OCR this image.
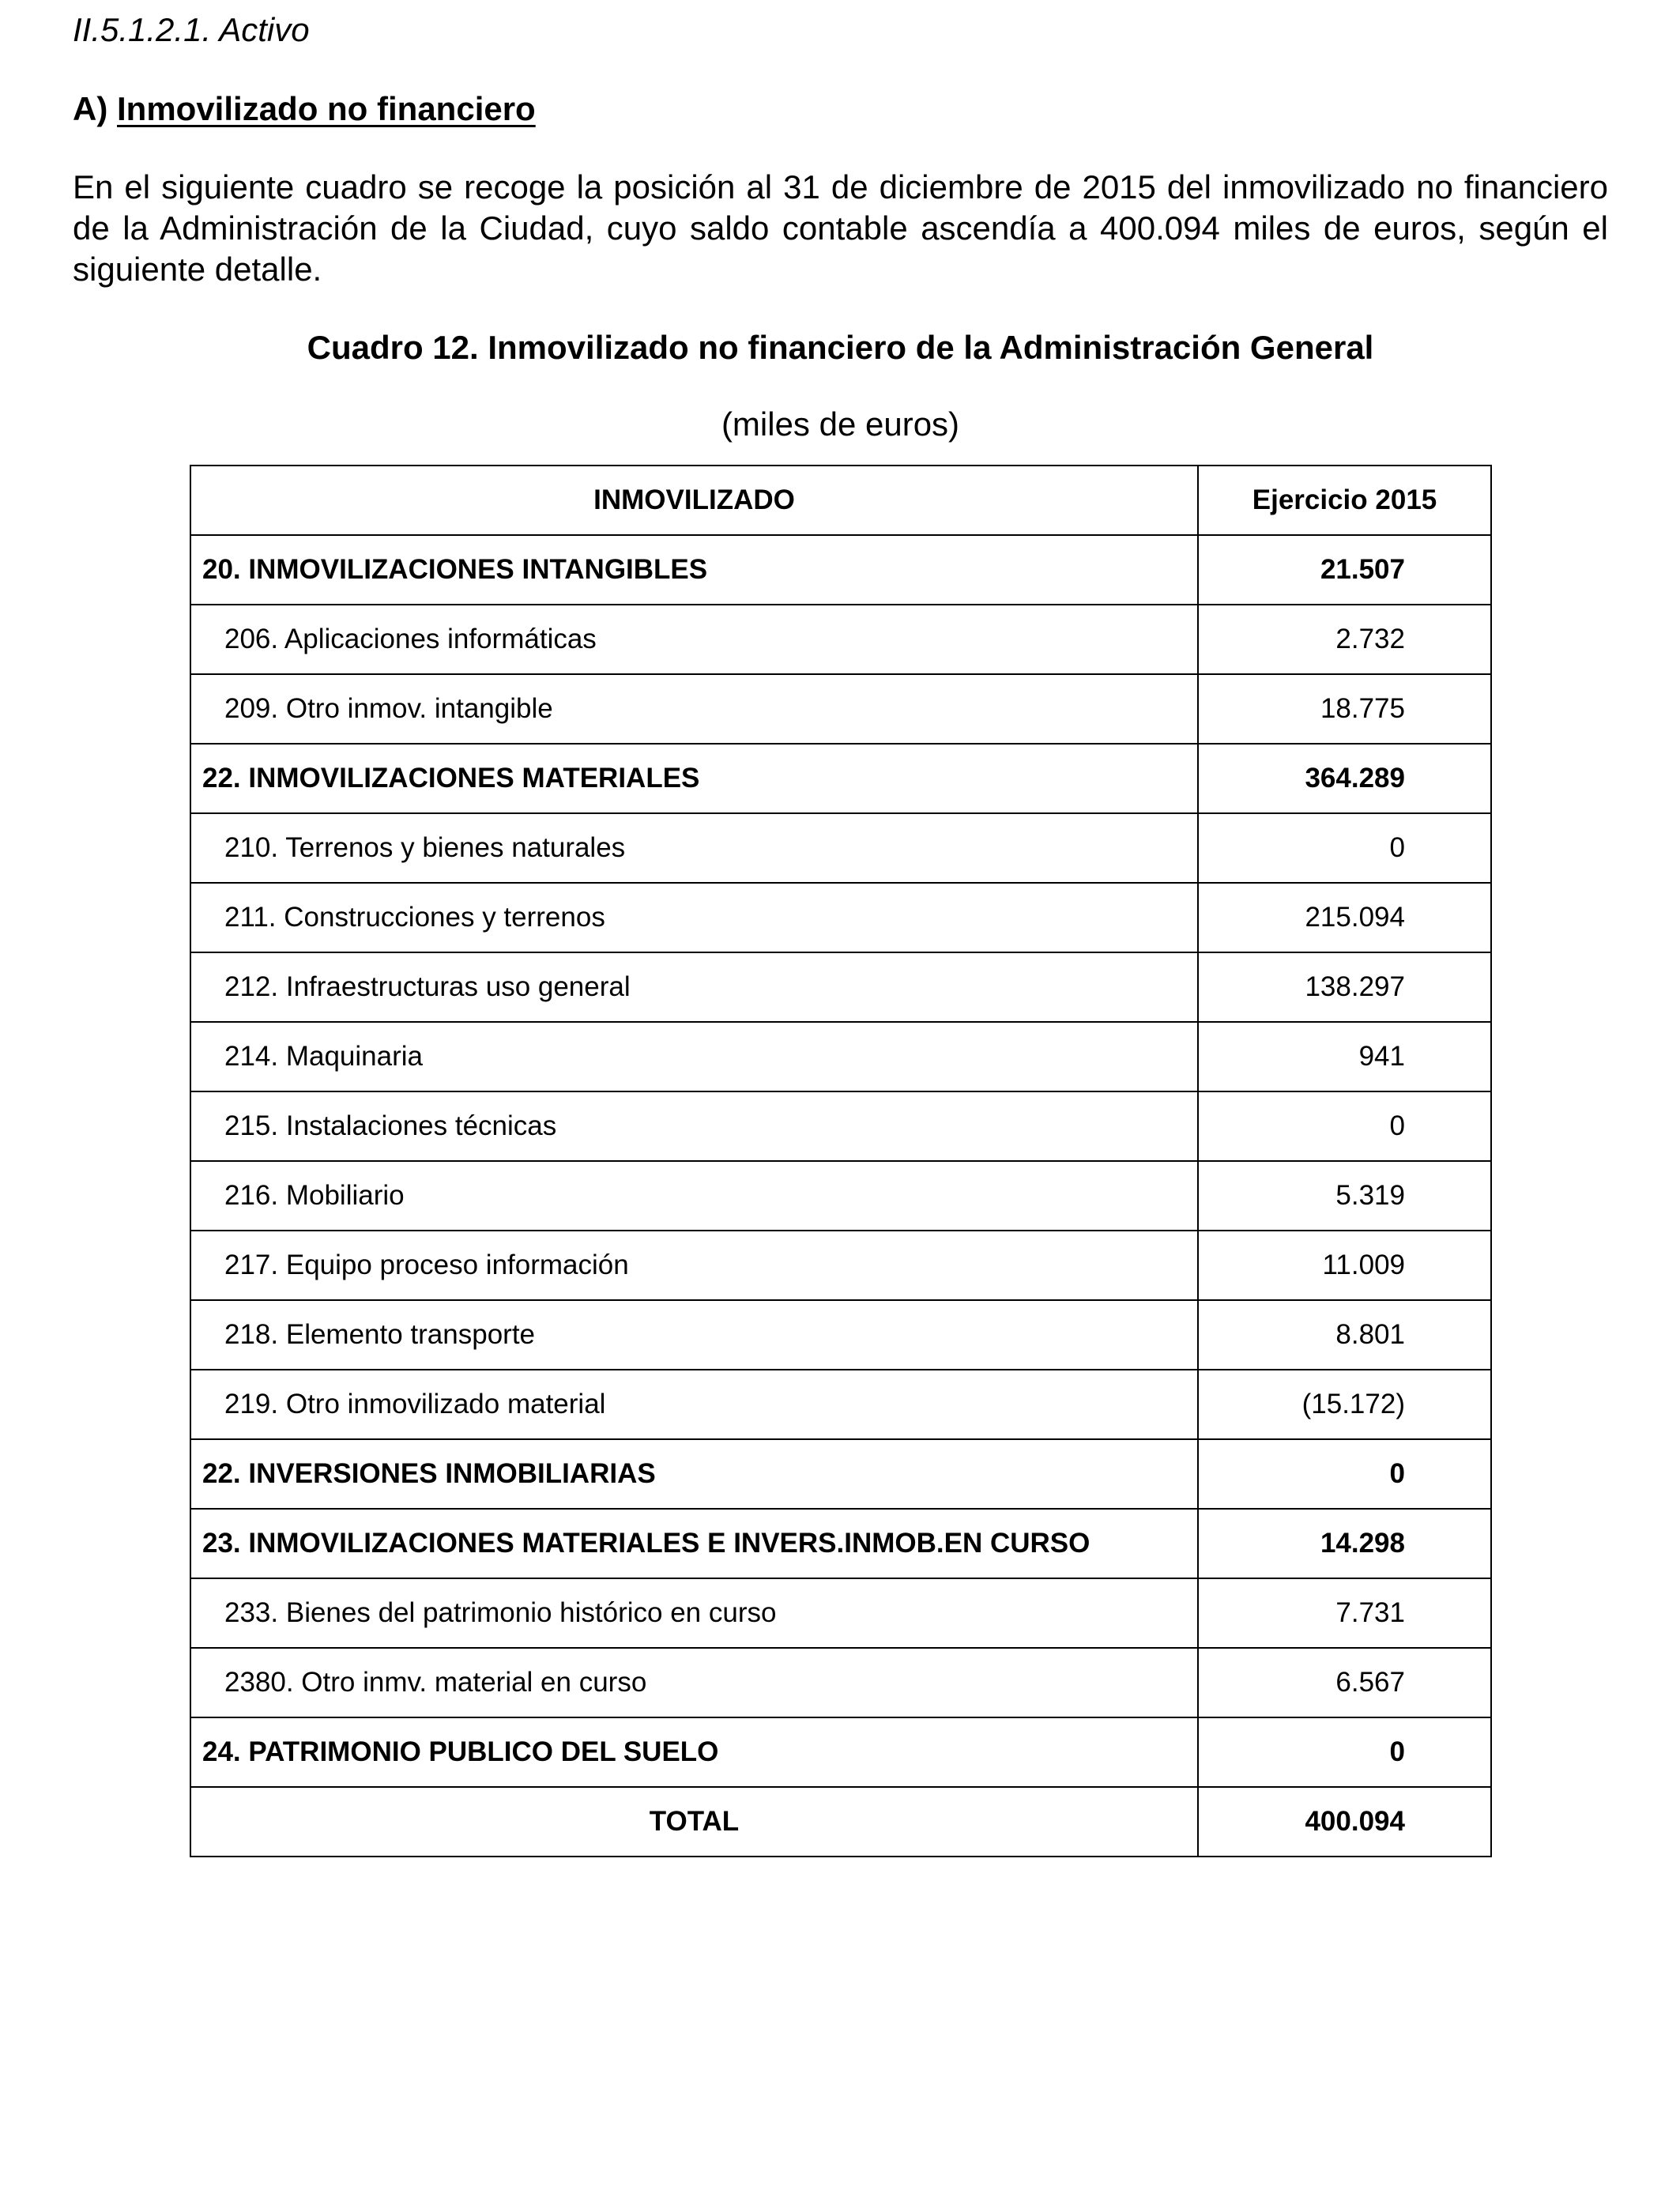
II.5.1.2.1. Activo
A) Inmovilizado no financiero

En el siguiente cuadro se recoge la posición al 31 de diciembre de 2015 del inmovilizado no financiero de la Administración de la Ciudad, cuyo saldo contable ascendía a 400.094 miles de euros, según el siguiente detalle.

Cuadro 12. Inmovilizado no financiero de la Administración General
(miles de euros)
INMOVILIZADO	Ejercicio 2015
20. INMOVILIZACIONES INTANGIBLES	21.507
206. Aplicaciones informáticas	2.732
209. Otro inmov. intangible	18.775
22. INMOVILIZACIONES MATERIALES	364.289
210. Terrenos y bienes naturales	0
211. Construcciones y terrenos	215.094
212. Infraestructuras uso general	138.297
214. Maquinaria	941
215. Instalaciones técnicas	0
216. Mobiliario	5.319
217. Equipo proceso información	11.009
218. Elemento transporte	8.801
219. Otro inmovilizado material	(15.172)
22. INVERSIONES INMOBILIARIAS	0
23. INMOVILIZACIONES MATERIALES E INVERS.INMOB.EN CURSO	14.298
233. Bienes del patrimonio histórico en curso	7.731
2380. Otro inmv. material en curso	6.567
24. PATRIMONIO PUBLICO DEL SUELO	0
TOTAL	400.094
